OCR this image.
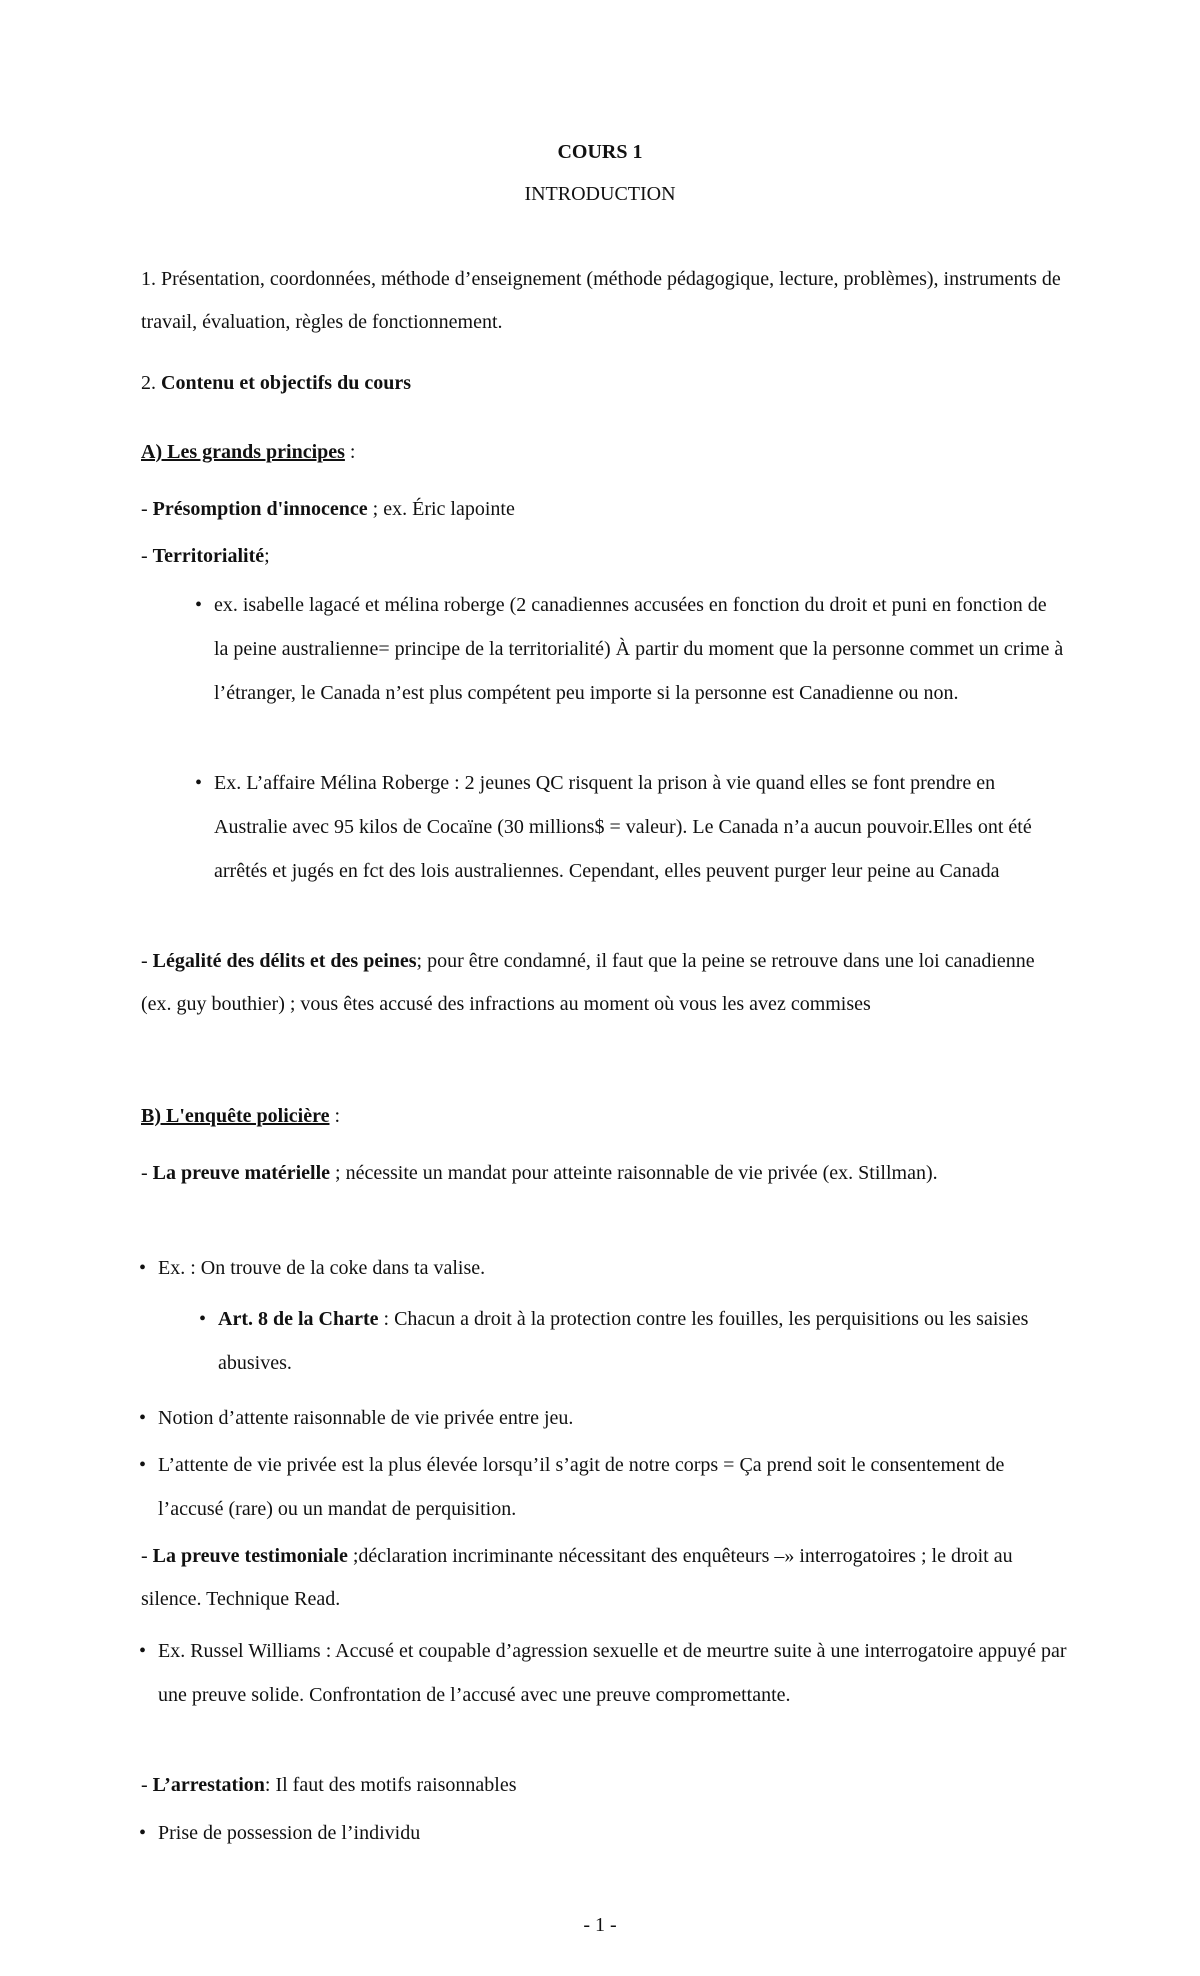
COURS 1

INTRODUCTION

1. Présentation, coordonnées, méthode d’enseignement (méthode pédagogique, lecture, problèmes), instruments de travail, évaluation, règles de fonctionnement.

2. Contenu et objectifs du cours

A) Les grands principes :

- Présomption d'innocence ; ex. Éric lapointe

- Territorialité;

• ex. isabelle lagacé et mélina roberge (2 canadiennes accusées en fonction du droit et puni en fonction de la peine australienne= principe de la territorialité) À partir du moment que la personne commet un crime à l’étranger, le Canada n’est plus compétent peu importe si la personne est Canadienne ou non.
• Ex. L’affaire Mélina Roberge : 2 jeunes QC risquent la prison à vie quand elles se font prendre en Australie avec 95 kilos de Cocaïne (30 millions$ = valeur). Le Canada n’a aucun pouvoir.Elles ont été arrêtés et jugés en fct des lois australiennes. Cependant, elles peuvent purger leur peine au Canada

- Légalité des délits et des peines; pour être condamné, il faut que la peine se retrouve dans une loi canadienne (ex. guy bouthier) ; vous êtes accusé des infractions au moment où vous les avez commises

B) L'enquête policière :

- La preuve matérielle ; nécessite un mandat pour atteinte raisonnable de vie privée (ex. Stillman).

• Ex. : On trouve de la coke dans ta valise.
• Art. 8 de la Charte : Chacun a droit à la protection contre les fouilles, les perquisitions ou les saisies abusives.
• Notion d’attente raisonnable de vie privée entre jeu.
• L’attente de vie privée est la plus élevée lorsqu’il s’agit de notre corps = Ça prend soit le consentement de l’accusé (rare) ou un mandat de perquisition.

- La preuve testimoniale ;déclaration incriminante nécessitant des enquêteurs –» interrogatoires ; le droit au silence. Technique Read.

• Ex. Russel Williams : Accusé et coupable d’agression sexuelle et de meurtre suite à une interrogatoire appuyé par une preuve solide. Confrontation de l’accusé avec une preuve compromettante.

- L’arrestation: Il faut des motifs raisonnables

• Prise de possession de l’individu

- 1 -
